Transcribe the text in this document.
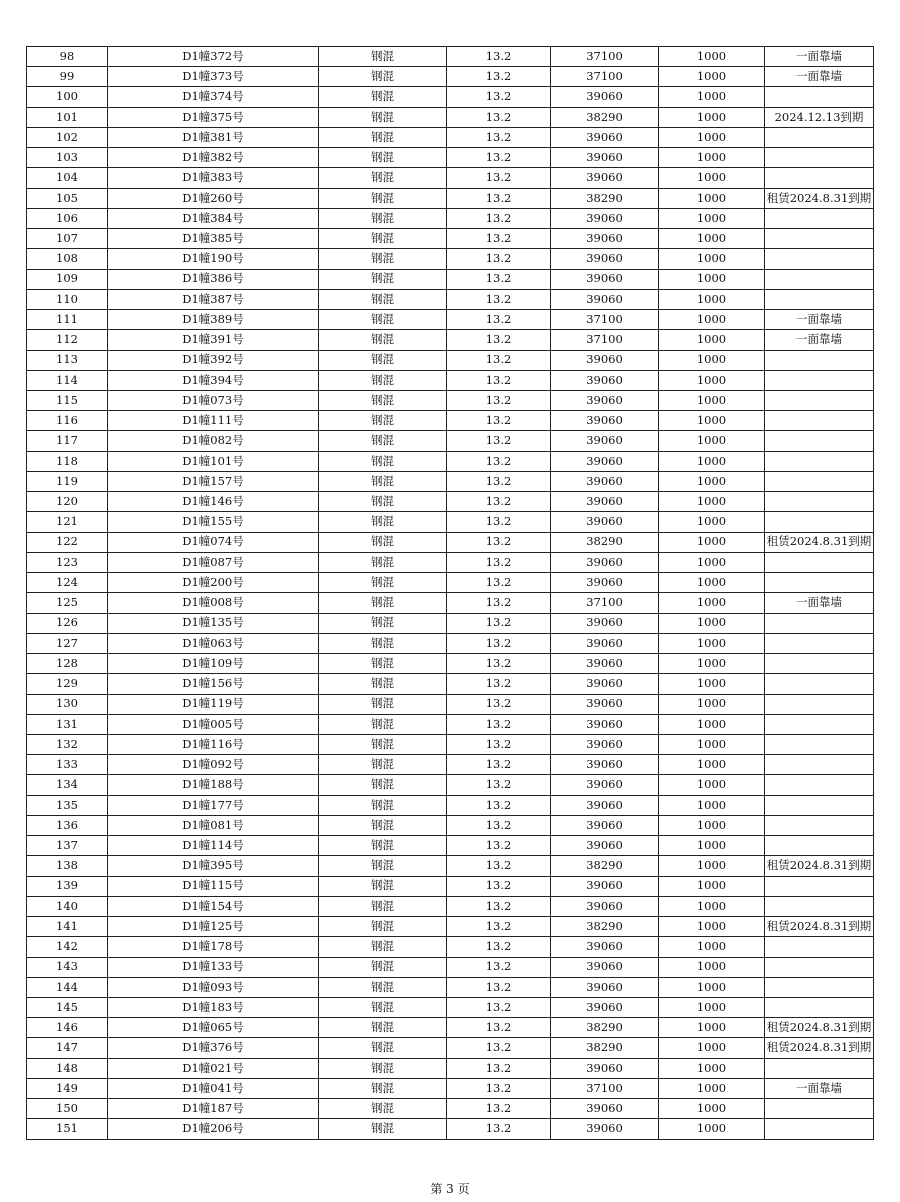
98	D1幢372号	钢混	13.2	37100	1000	一面靠墙
99	D1幢373号	钢混	13.2	37100	1000	一面靠墙
100	D1幢374号	钢混	13.2	39060	1000	
101	D1幢375号	钢混	13.2	38290	1000	2024.12.13到期
102	D1幢381号	钢混	13.2	39060	1000	
103	D1幢382号	钢混	13.2	39060	1000	
104	D1幢383号	钢混	13.2	39060	1000	
105	D1幢260号	钢混	13.2	38290	1000	租赁2024.8.31到期
106	D1幢384号	钢混	13.2	39060	1000	
107	D1幢385号	钢混	13.2	39060	1000	
108	D1幢190号	钢混	13.2	39060	1000	
109	D1幢386号	钢混	13.2	39060	1000	
110	D1幢387号	钢混	13.2	39060	1000	
111	D1幢389号	钢混	13.2	37100	1000	一面靠墙
112	D1幢391号	钢混	13.2	37100	1000	一面靠墙
113	D1幢392号	钢混	13.2	39060	1000	
114	D1幢394号	钢混	13.2	39060	1000	
115	D1幢073号	钢混	13.2	39060	1000	
116	D1幢111号	钢混	13.2	39060	1000	
117	D1幢082号	钢混	13.2	39060	1000	
118	D1幢101号	钢混	13.2	39060	1000	
119	D1幢157号	钢混	13.2	39060	1000	
120	D1幢146号	钢混	13.2	39060	1000	
121	D1幢155号	钢混	13.2	39060	1000	
122	D1幢074号	钢混	13.2	38290	1000	租赁2024.8.31到期
123	D1幢087号	钢混	13.2	39060	1000	
124	D1幢200号	钢混	13.2	39060	1000	
125	D1幢008号	钢混	13.2	37100	1000	一面靠墙
126	D1幢135号	钢混	13.2	39060	1000	
127	D1幢063号	钢混	13.2	39060	1000	
128	D1幢109号	钢混	13.2	39060	1000	
129	D1幢156号	钢混	13.2	39060	1000	
130	D1幢119号	钢混	13.2	39060	1000	
131	D1幢005号	钢混	13.2	39060	1000	
132	D1幢116号	钢混	13.2	39060	1000	
133	D1幢092号	钢混	13.2	39060	1000	
134	D1幢188号	钢混	13.2	39060	1000	
135	D1幢177号	钢混	13.2	39060	1000	
136	D1幢081号	钢混	13.2	39060	1000	
137	D1幢114号	钢混	13.2	39060	1000	
138	D1幢395号	钢混	13.2	38290	1000	租赁2024.8.31到期
139	D1幢115号	钢混	13.2	39060	1000	
140	D1幢154号	钢混	13.2	39060	1000	
141	D1幢125号	钢混	13.2	38290	1000	租赁2024.8.31到期
142	D1幢178号	钢混	13.2	39060	1000	
143	D1幢133号	钢混	13.2	39060	1000	
144	D1幢093号	钢混	13.2	39060	1000	
145	D1幢183号	钢混	13.2	39060	1000	
146	D1幢065号	钢混	13.2	38290	1000	租赁2024.8.31到期
147	D1幢376号	钢混	13.2	38290	1000	租赁2024.8.31到期
148	D1幢021号	钢混	13.2	39060	1000	
149	D1幢041号	钢混	13.2	37100	1000	一面靠墙
150	D1幢187号	钢混	13.2	39060	1000	
151	D1幢206号	钢混	13.2	39060	1000	
第 3 页
